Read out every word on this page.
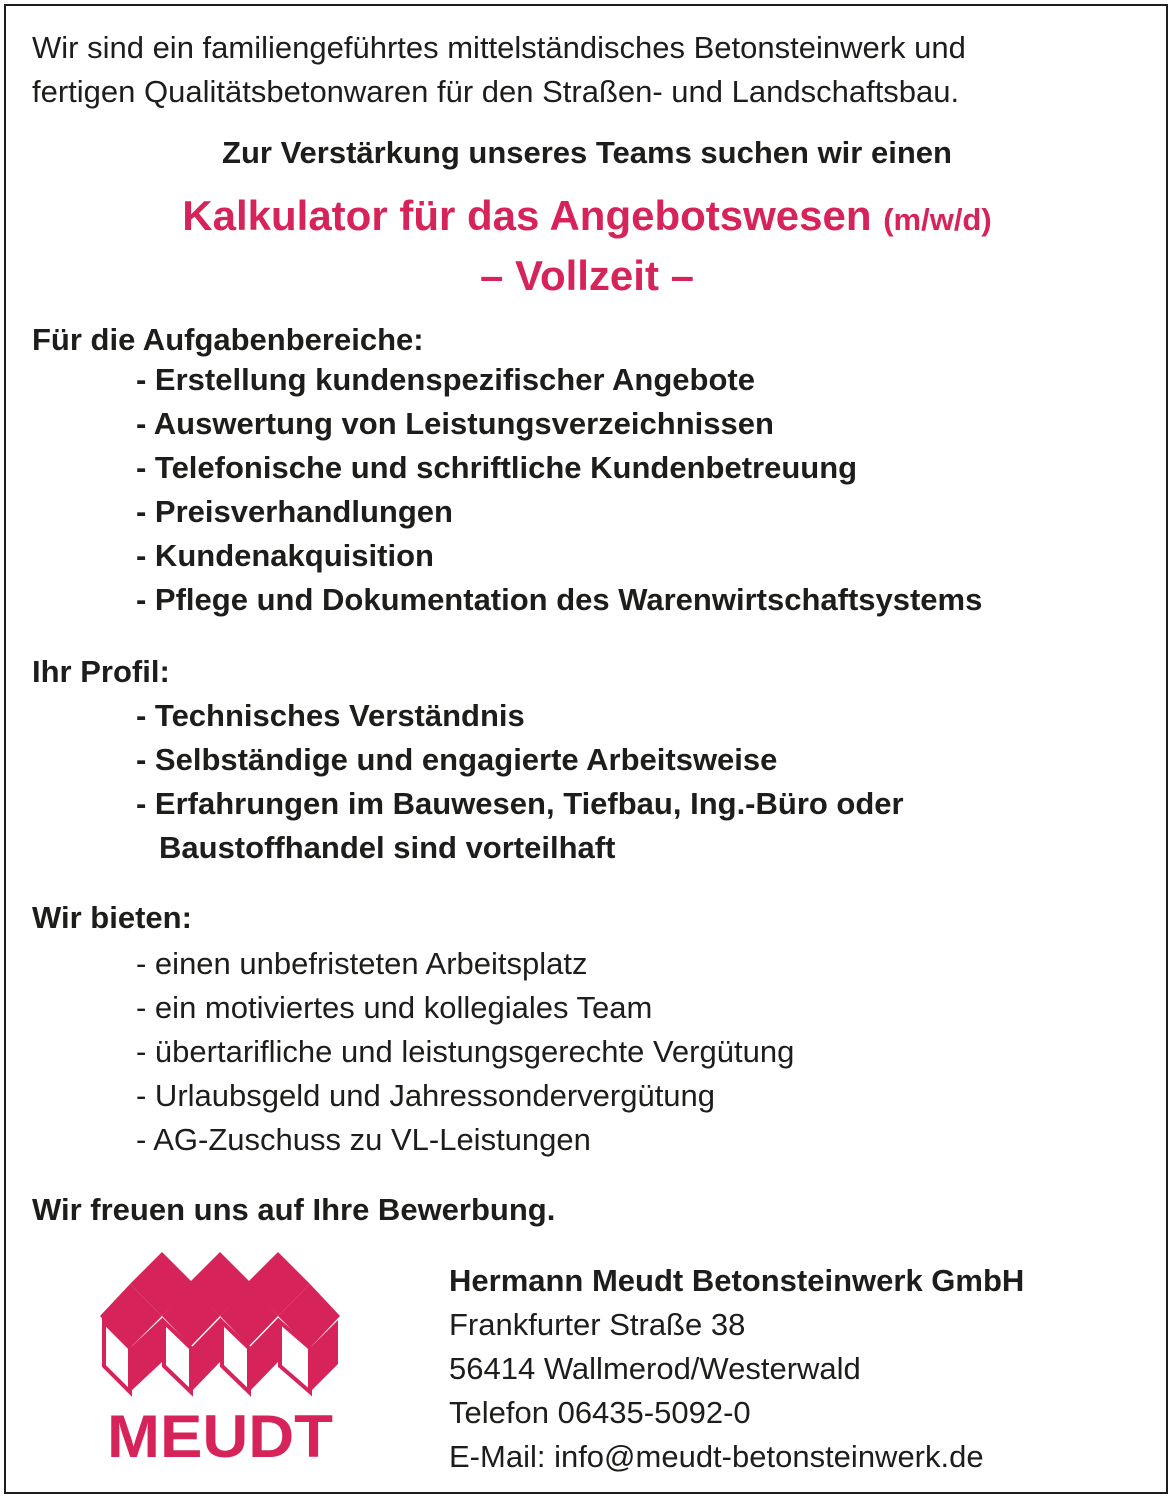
Wir sind ein familiengeführtes mittelständisches Betonsteinwerk und
fertigen Qualitätsbetonwaren für den Straßen- und Landschaftsbau.
Zur Verstärkung unseres Teams suchen wir einen
Kalkulator für das Angebotswesen (m/w/d)
– Vollzeit –
Für die Aufgabenbereiche:
- Erstellung kundenspezifischer Angebote
- Auswertung von Leistungsverzeichnissen
- Telefonische und schriftliche Kundenbetreuung
- Preisverhandlungen
- Kundenakquisition
- Pflege und Dokumentation des Warenwirtschaftsystems
Ihr Profil:
- Technisches Verständnis
- Selbständige und engagierte Arbeitsweise
- Erfahrungen im Bauwesen, Tiefbau, Ing.-Büro oder
Baustoffhandel sind vorteilhaft
Wir bieten:
- einen unbefristeten Arbeitsplatz
- ein motiviertes und kollegiales Team
- übertarifliche und leistungsgerechte Vergütung
- Urlaubsgeld und Jahressondervergütung
- AG-Zuschuss zu VL-Leistungen
Wir freuen uns auf Ihre Bewerbung.
MEUDT
Hermann Meudt Betonsteinwerk GmbH
Frankfurter Straße 38
56414 Wallmerod/Westerwald
Telefon 06435-5092-0
E-Mail: info@meudt-betonsteinwerk.de
